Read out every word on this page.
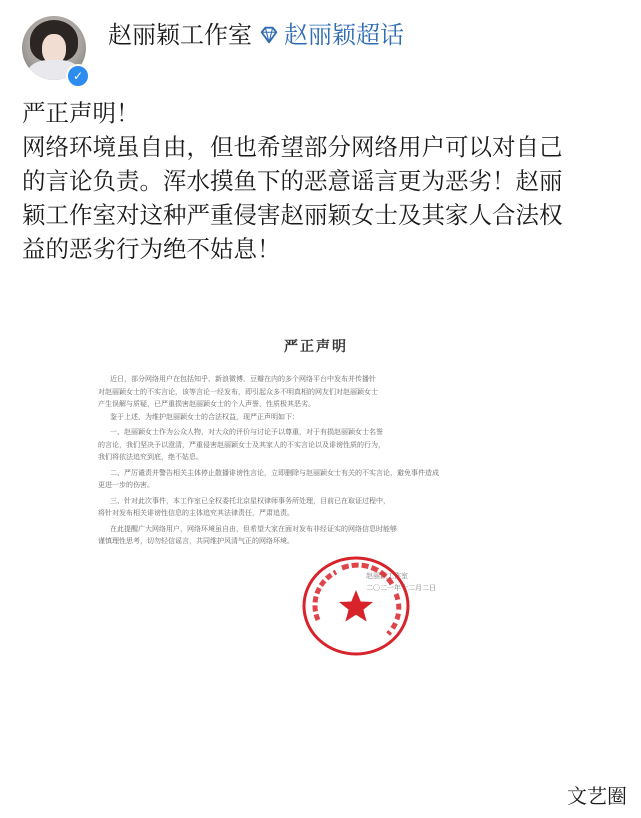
✓
赵丽颖工作室 赵丽颖超话

严正声明！

网络环境虽自由，但也希望部分网络用户可以对自己

的言论负责。浑水摸鱼下的恶意谣言更为恶劣！赵丽

颖工作室对这种严重侵害赵丽颖女士及其家人合法权

益的恶劣行为绝不姑息！

严正声明
近日，部分网络用户在包括知乎、新浪微博、豆瓣在内的多个网络平台中发布并传播针
对赵丽颖女士的不实言论，该等言论一经发布，即引起众多不明真相的网友们对赵丽颖女士
产生误解与质疑，已严重损害赵丽颖女士的个人声誉，性质极其恶劣。
鉴于上述，为维护赵丽颖女士的合法权益，现严正声明如下：
一、赵丽颖女士作为公众人物，对大众的评价与讨论予以尊重，对于有损赵丽颖女士名誉
的言论，我们坚决予以澄清，严重侵害赵丽颖女士及其家人的不实言论以及诽谤性质的行为，
我们将依法追究到底，绝不姑息。
二、严厉谴责并警告相关主体停止散播诽谤性言论，立即删除与赵丽颖女士有关的不实言论，避免事件造成
更进一步的伤害。
三、针对此次事件，本工作室已全权委托北京星权律师事务所处理，目前已在取证过程中，
将针对发布相关诽谤性信息的主体追究其法律责任，严肃追责。
在此提醒广大网络用户，网络环境虽自由，但希望大家在面对发布非经证实的网络信息时能够
谨慎理性思考，切勿轻信谣言，共同维护风清气正的网络环境。
赵丽颖工作室
二〇二一年十二月二日
文艺圈
